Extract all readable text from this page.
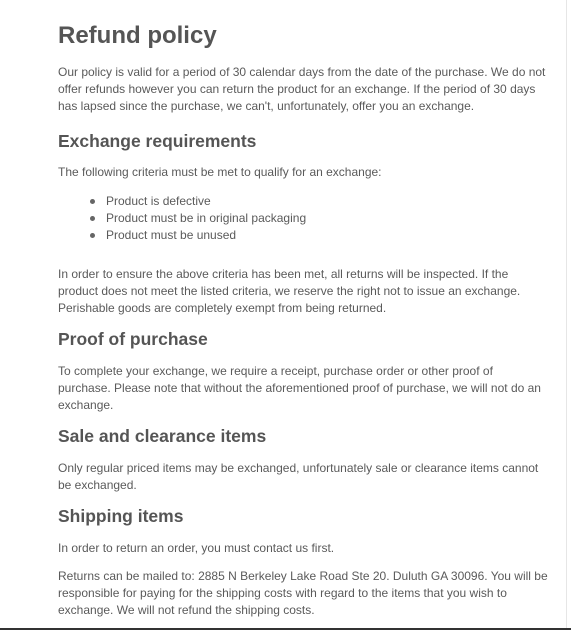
Refund policy

Our policy is valid for a period of 30 calendar days from the date of the purchase. We do not offer refunds however you can return the product for an exchange. If the period of 30 days has lapsed since the purchase, we can't, unfortunately, offer you an exchange.

Exchange requirements

The following criteria must be met to qualify for an exchange:

Product is defective
Product must be in original packaging
Product must be unused

In order to ensure the above criteria has been met, all returns will be inspected. If the product does not meet the listed criteria, we reserve the right not to issue an exchange. Perishable goods are completely exempt from being returned.

Proof of purchase

To complete your exchange, we require a receipt, purchase order or other proof of purchase. Please note that without the aforementioned proof of purchase, we will not do an exchange.

Sale and clearance items

Only regular priced items may be exchanged, unfortunately sale or clearance items cannot be exchanged.

Shipping items

In order to return an order, you must contact us first.

Returns can be mailed to: 2885 N Berkeley Lake Road Ste 20. Duluth GA 30096. You will be responsible for paying for the shipping costs with regard to the items that you wish to exchange. We will not refund the shipping costs.
